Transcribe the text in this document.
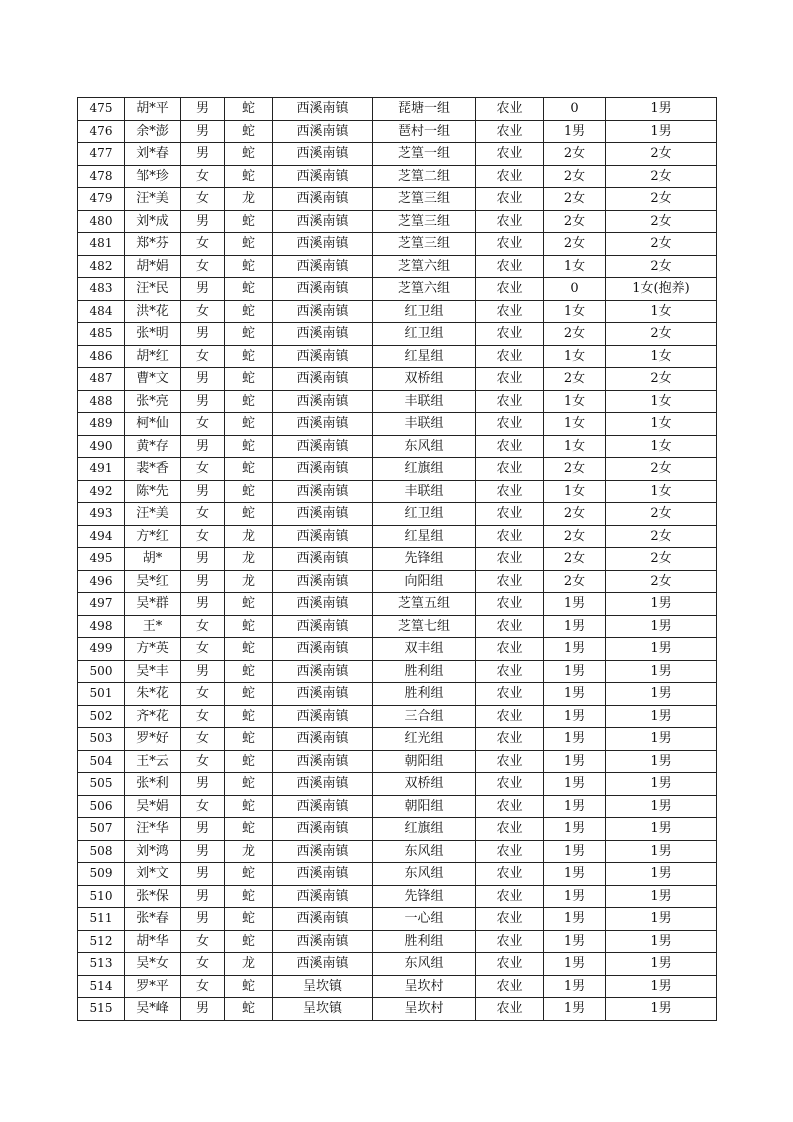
475	胡*平	男	蛇	西溪南镇	琵塘一组	农业	0	1男
476	余*澎	男	蛇	西溪南镇	琶村一组	农业	1男	1男
477	刘*春	男	蛇	西溪南镇	芝篁一组	农业	2女	2女
478	邹*珍	女	蛇	西溪南镇	芝篁二组	农业	2女	2女
479	汪*美	女	龙	西溪南镇	芝篁三组	农业	2女	2女
480	刘*成	男	蛇	西溪南镇	芝篁三组	农业	2女	2女
481	郑*芬	女	蛇	西溪南镇	芝篁三组	农业	2女	2女
482	胡*娟	女	蛇	西溪南镇	芝篁六组	农业	1女	2女
483	汪*民	男	蛇	西溪南镇	芝篁六组	农业	0	1女(抱养)
484	洪*花	女	蛇	西溪南镇	红卫组	农业	1女	1女
485	张*明	男	蛇	西溪南镇	红卫组	农业	2女	2女
486	胡*红	女	蛇	西溪南镇	红星组	农业	1女	1女
487	曹*文	男	蛇	西溪南镇	双桥组	农业	2女	2女
488	张*亮	男	蛇	西溪南镇	丰联组	农业	1女	1女
489	柯*仙	女	蛇	西溪南镇	丰联组	农业	1女	1女
490	黄*存	男	蛇	西溪南镇	东风组	农业	1女	1女
491	裴*香	女	蛇	西溪南镇	红旗组	农业	2女	2女
492	陈*先	男	蛇	西溪南镇	丰联组	农业	1女	1女
493	汪*美	女	蛇	西溪南镇	红卫组	农业	2女	2女
494	方*红	女	龙	西溪南镇	红星组	农业	2女	2女
495	胡*	男	龙	西溪南镇	先锋组	农业	2女	2女
496	吴*红	男	龙	西溪南镇	向阳组	农业	2女	2女
497	吴*群	男	蛇	西溪南镇	芝篁五组	农业	1男	1男
498	王*	女	蛇	西溪南镇	芝篁七组	农业	1男	1男
499	方*英	女	蛇	西溪南镇	双丰组	农业	1男	1男
500	吴*丰	男	蛇	西溪南镇	胜利组	农业	1男	1男
501	朱*花	女	蛇	西溪南镇	胜利组	农业	1男	1男
502	齐*花	女	蛇	西溪南镇	三合组	农业	1男	1男
503	罗*好	女	蛇	西溪南镇	红光组	农业	1男	1男
504	王*云	女	蛇	西溪南镇	朝阳组	农业	1男	1男
505	张*利	男	蛇	西溪南镇	双桥组	农业	1男	1男
506	吴*娟	女	蛇	西溪南镇	朝阳组	农业	1男	1男
507	汪*华	男	蛇	西溪南镇	红旗组	农业	1男	1男
508	刘*鸿	男	龙	西溪南镇	东风组	农业	1男	1男
509	刘*文	男	蛇	西溪南镇	东风组	农业	1男	1男
510	张*保	男	蛇	西溪南镇	先锋组	农业	1男	1男
511	张*春	男	蛇	西溪南镇	一心组	农业	1男	1男
512	胡*华	女	蛇	西溪南镇	胜利组	农业	1男	1男
513	吴*女	女	龙	西溪南镇	东风组	农业	1男	1男
514	罗*平	女	蛇	呈坎镇	呈坎村	农业	1男	1男
515	吴*峰	男	蛇	呈坎镇	呈坎村	农业	1男	1男
